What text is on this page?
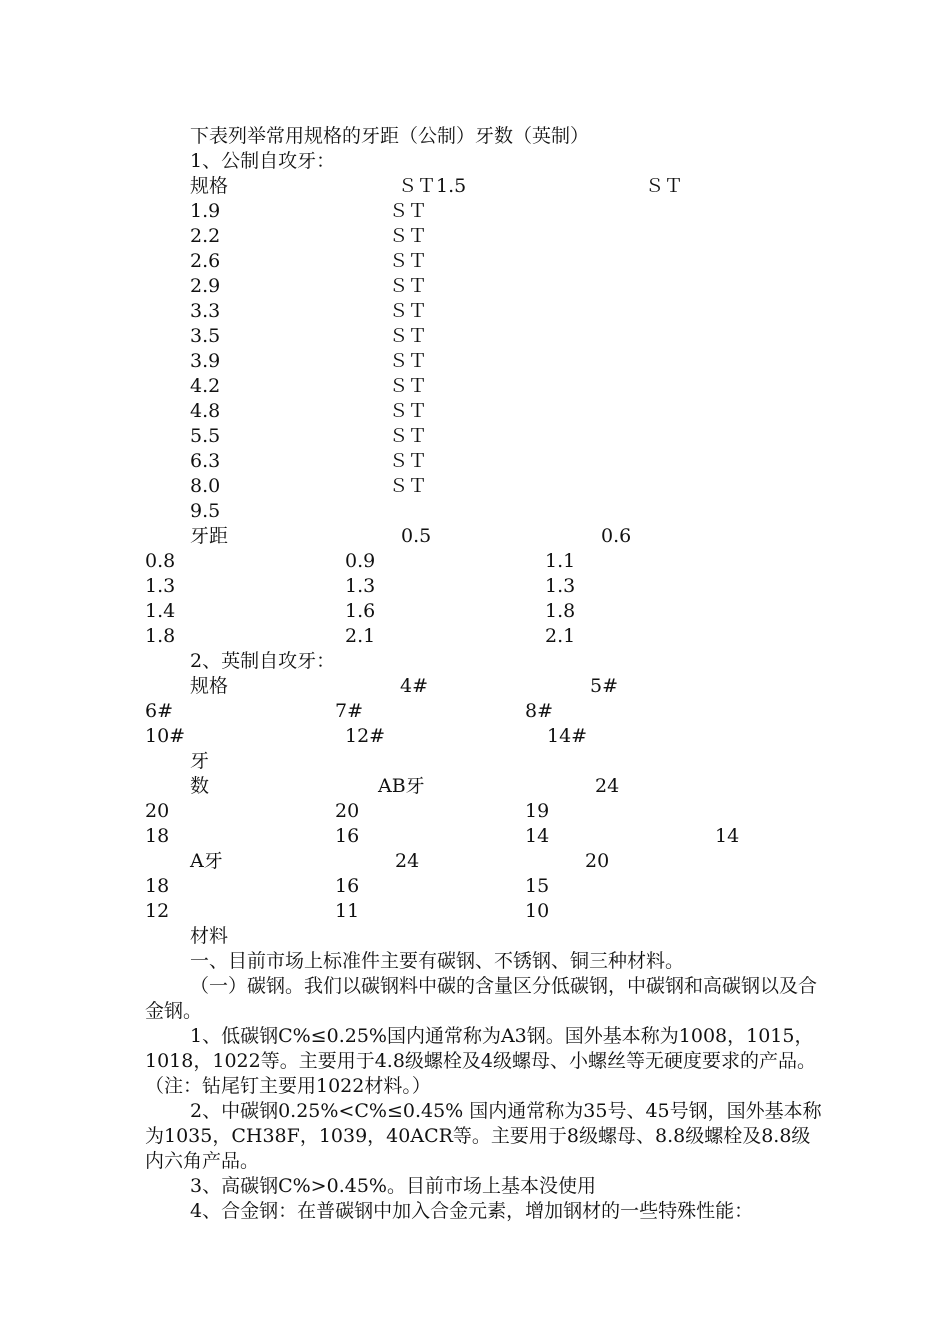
下表列举常用规格的牙距（公制）牙数（英制）
1、公制自攻牙：
规格	ＳＴ1.5	ＳＴ
1.9	ＳＴ
2.2	ＳＴ
2.6	ＳＴ
2.9	ＳＴ
3.3	ＳＴ
3.5	ＳＴ
3.9	ＳＴ
4.2	ＳＴ
4.8	ＳＴ
5.5	ＳＴ
6.3	ＳＴ
8.0	ＳＴ
9.5
牙距	0.5	0.6
0.8	0.9	1.1
1.3	1.3	1.3
1.4	1.6	1.8
1.8	2.1	2.1
2、英制自攻牙：
规格	4#	5#
6#	7#	8#
10#	12#	14#
牙
数	AB牙	24
20	20	19
18	16	14	14
A牙	24	20
18	16	15
12	11	10
材料
一、目前市场上标准件主要有碳钢、不锈钢、铜三种材料。
（一）碳钢。我们以碳钢料中碳的含量区分低碳钢，中碳钢和高碳钢以及合金钢。
1、低碳钢C%≤0.25%国内通常称为A3钢。国外基本称为1008，1015，1018，1022等。主要用于4.8级螺栓及4级螺母、小螺丝等无硬度要求的产品。（注：钻尾钉主要用1022材料。）
2、中碳钢0.25%<C%≤0.45% 国内通常称为35号、45号钢，国外基本称为1035，CH38F，1039，40ACR等。主要用于8级螺母、8.8级螺栓及8.8级内六角产品。
3、高碳钢C%>0.45%。目前市场上基本没使用
4、合金钢：在普碳钢中加入合金元素，增加钢材的一些特殊性能：
